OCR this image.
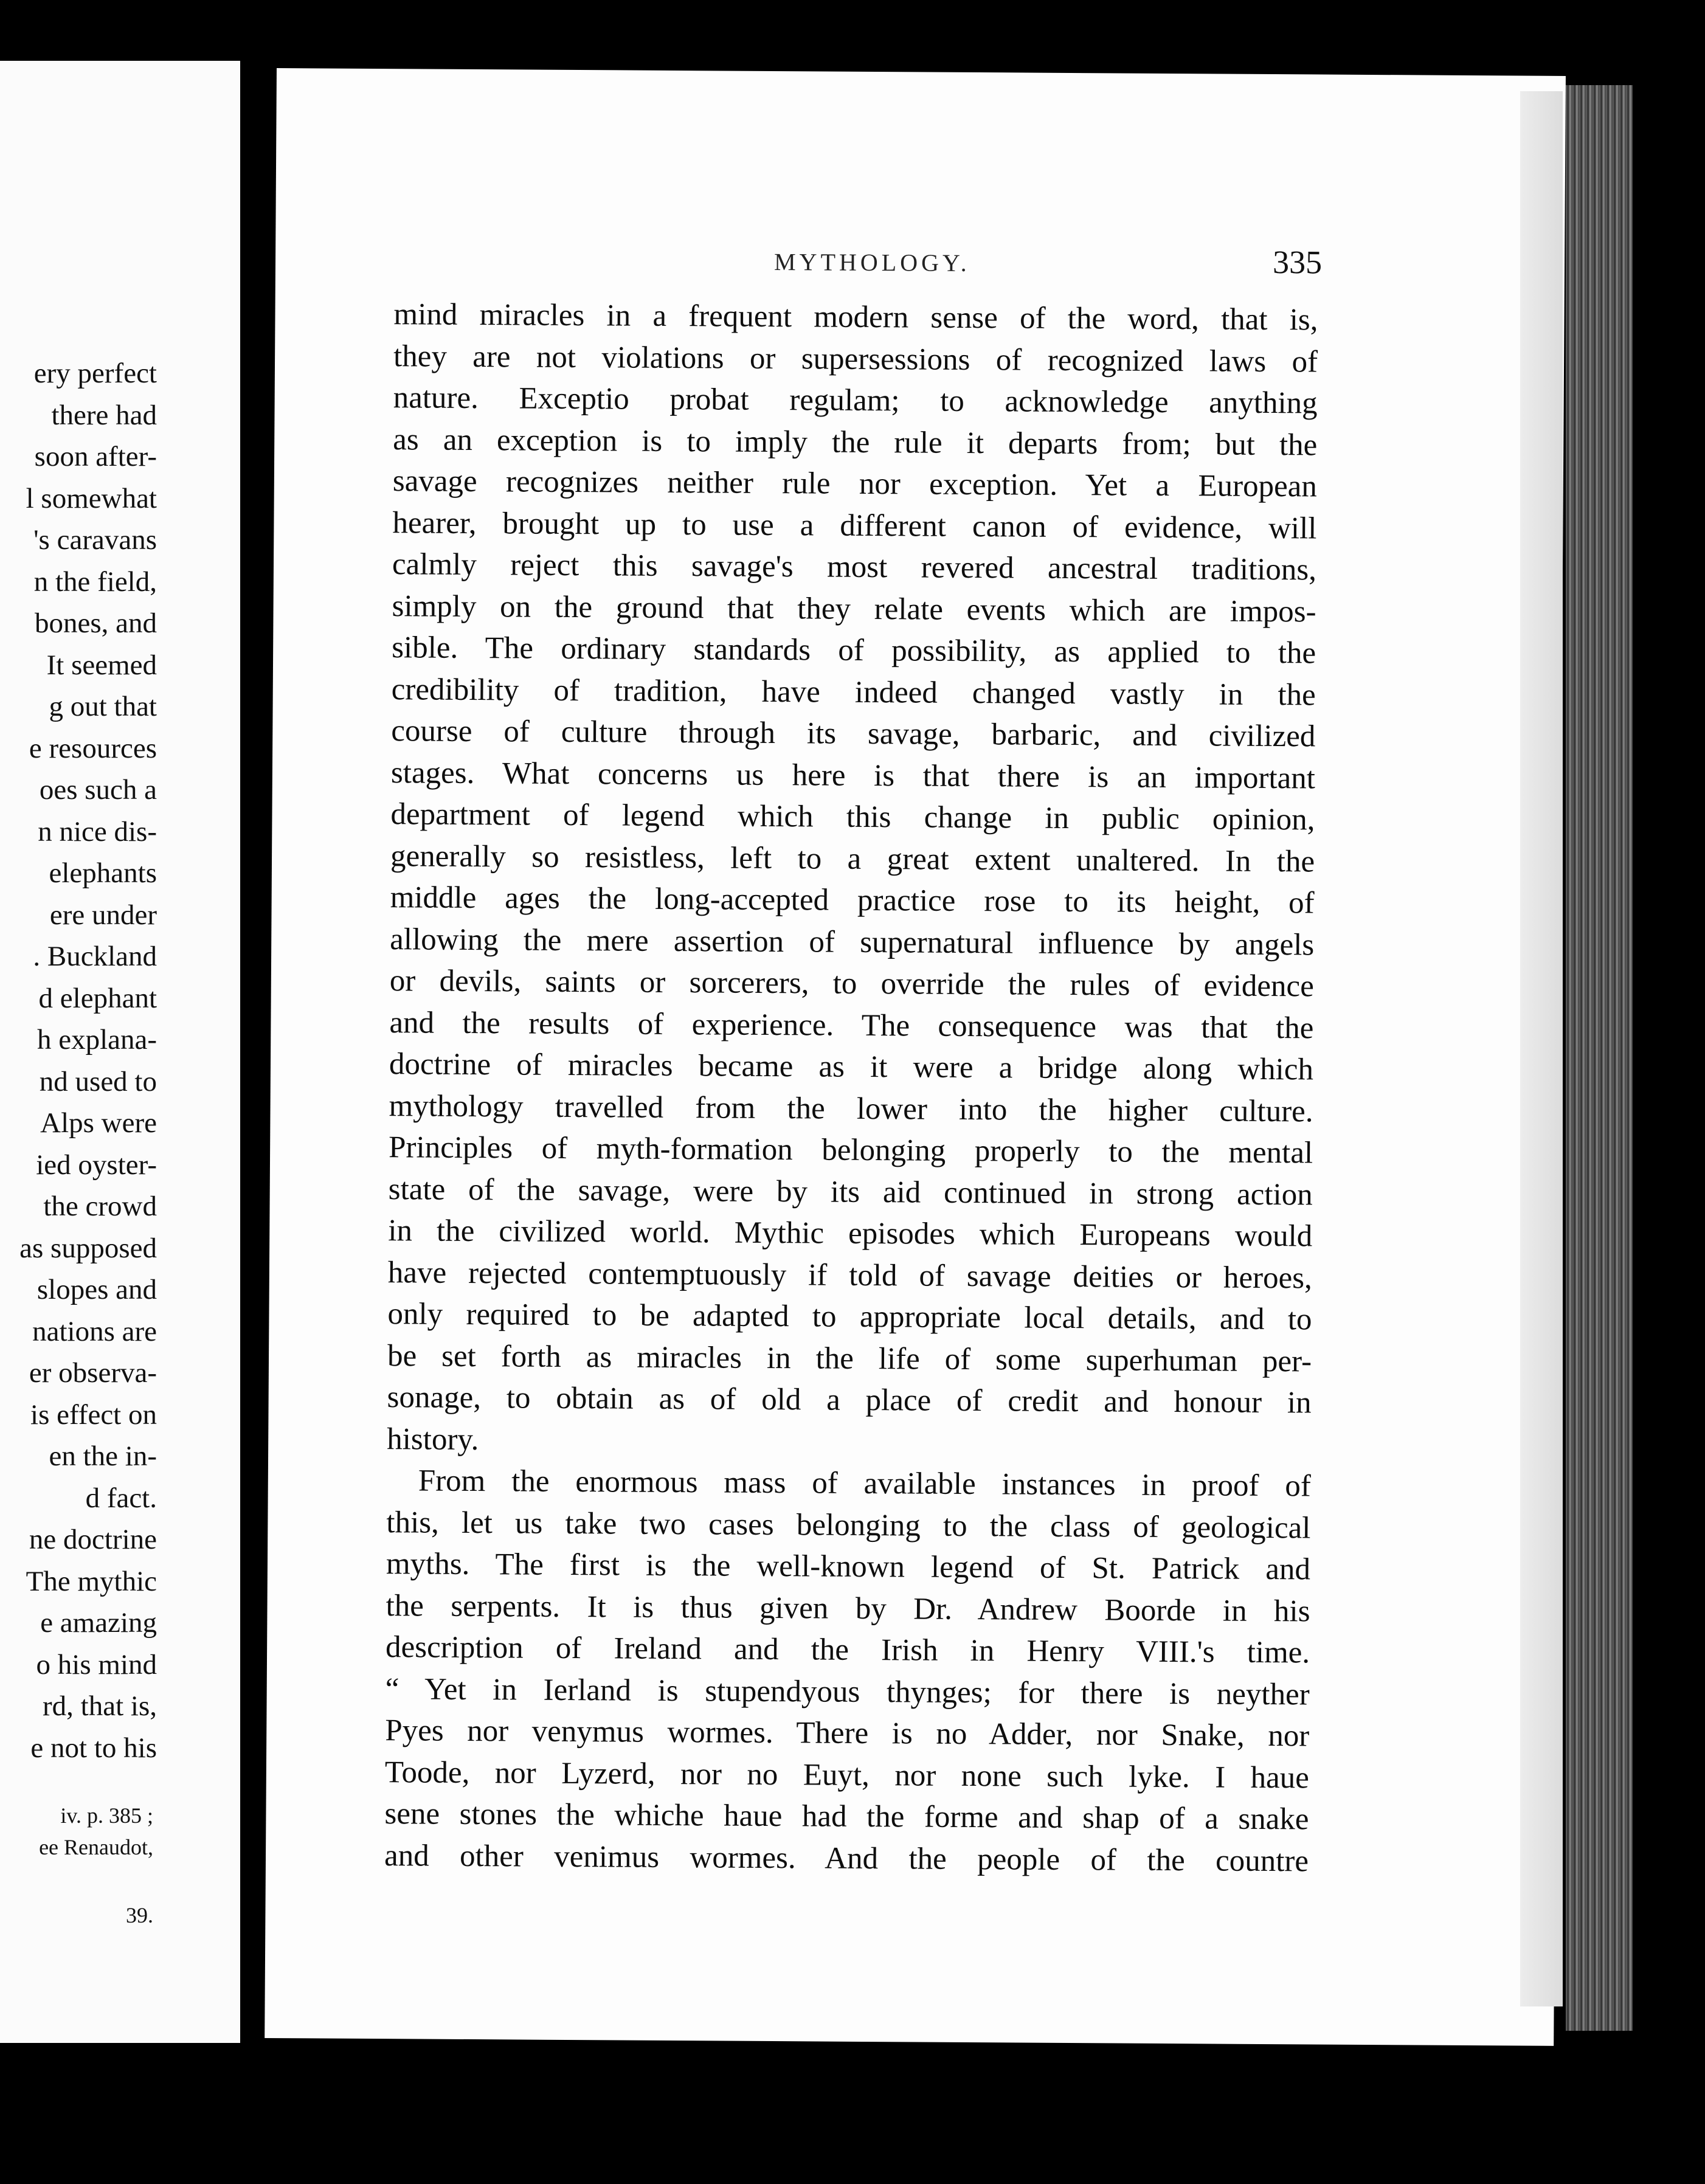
ery perfect
there had
soon after-
l somewhat
's caravans
n the field,
bones, and
It seemed
g out that
e resources
oes such a
n nice dis-
elephants
ere under
. Buckland
d elephant
h explana-
nd used to
Alps were
ied oyster-
the crowd
as supposed
slopes and
nations are
er observa-
is effect on
en the in-
d fact.
ne doctrine
The mythic
e amazing
o his mind
rd, that is,
e not to his
iv. p. 385 ;
ee Renaudot,
39.
MYTHOLOGY.	335
mind miracles in a frequent modern sense of the word, that is,
they are not violations or supersessions of recognized laws of
nature. Exceptio probat regulam; to acknowledge anything
as an exception is to imply the rule it departs from; but the
savage recognizes neither rule nor exception. Yet a European
hearer, brought up to use a different canon of evidence, will
calmly reject this savage's most revered ancestral traditions,
simply on the ground that they relate events which are impos-
sible. The ordinary standards of possibility, as applied to the
credibility of tradition, have indeed changed vastly in the
course of culture through its savage, barbaric, and civilized
stages. What concerns us here is that there is an important
department of legend which this change in public opinion,
generally so resistless, left to a great extent unaltered. In the
middle ages the long-accepted practice rose to its height, of
allowing the mere assertion of supernatural influence by angels
or devils, saints or sorcerers, to override the rules of evidence
and the results of experience. The consequence was that the
doctrine of miracles became as it were a bridge along which
mythology travelled from the lower into the higher culture.
Principles of myth-formation belonging properly to the mental
state of the savage, were by its aid continued in strong action
in the civilized world. Mythic episodes which Europeans would
have rejected contemptuously if told of savage deities or heroes,
only required to be adapted to appropriate local details, and to
be set forth as miracles in the life of some superhuman per-
sonage, to obtain as of old a place of credit and honour in
history.
From the enormous mass of available instances in proof of
this, let us take two cases belonging to the class of geological
myths. The first is the well-known legend of St. Patrick and
the serpents. It is thus given by Dr. Andrew Boorde in his
description of Ireland and the Irish in Henry VIII.'s time.
“ Yet in Ierland is stupendyous thynges; for there is neyther
Pyes nor venymus wormes. There is no Adder, nor Snake, nor
Toode, nor Lyzerd, nor no Euyt, nor none such lyke. I haue
sene stones the whiche haue had the forme and shap of a snake
and other venimus wormes. And the people of the countre
